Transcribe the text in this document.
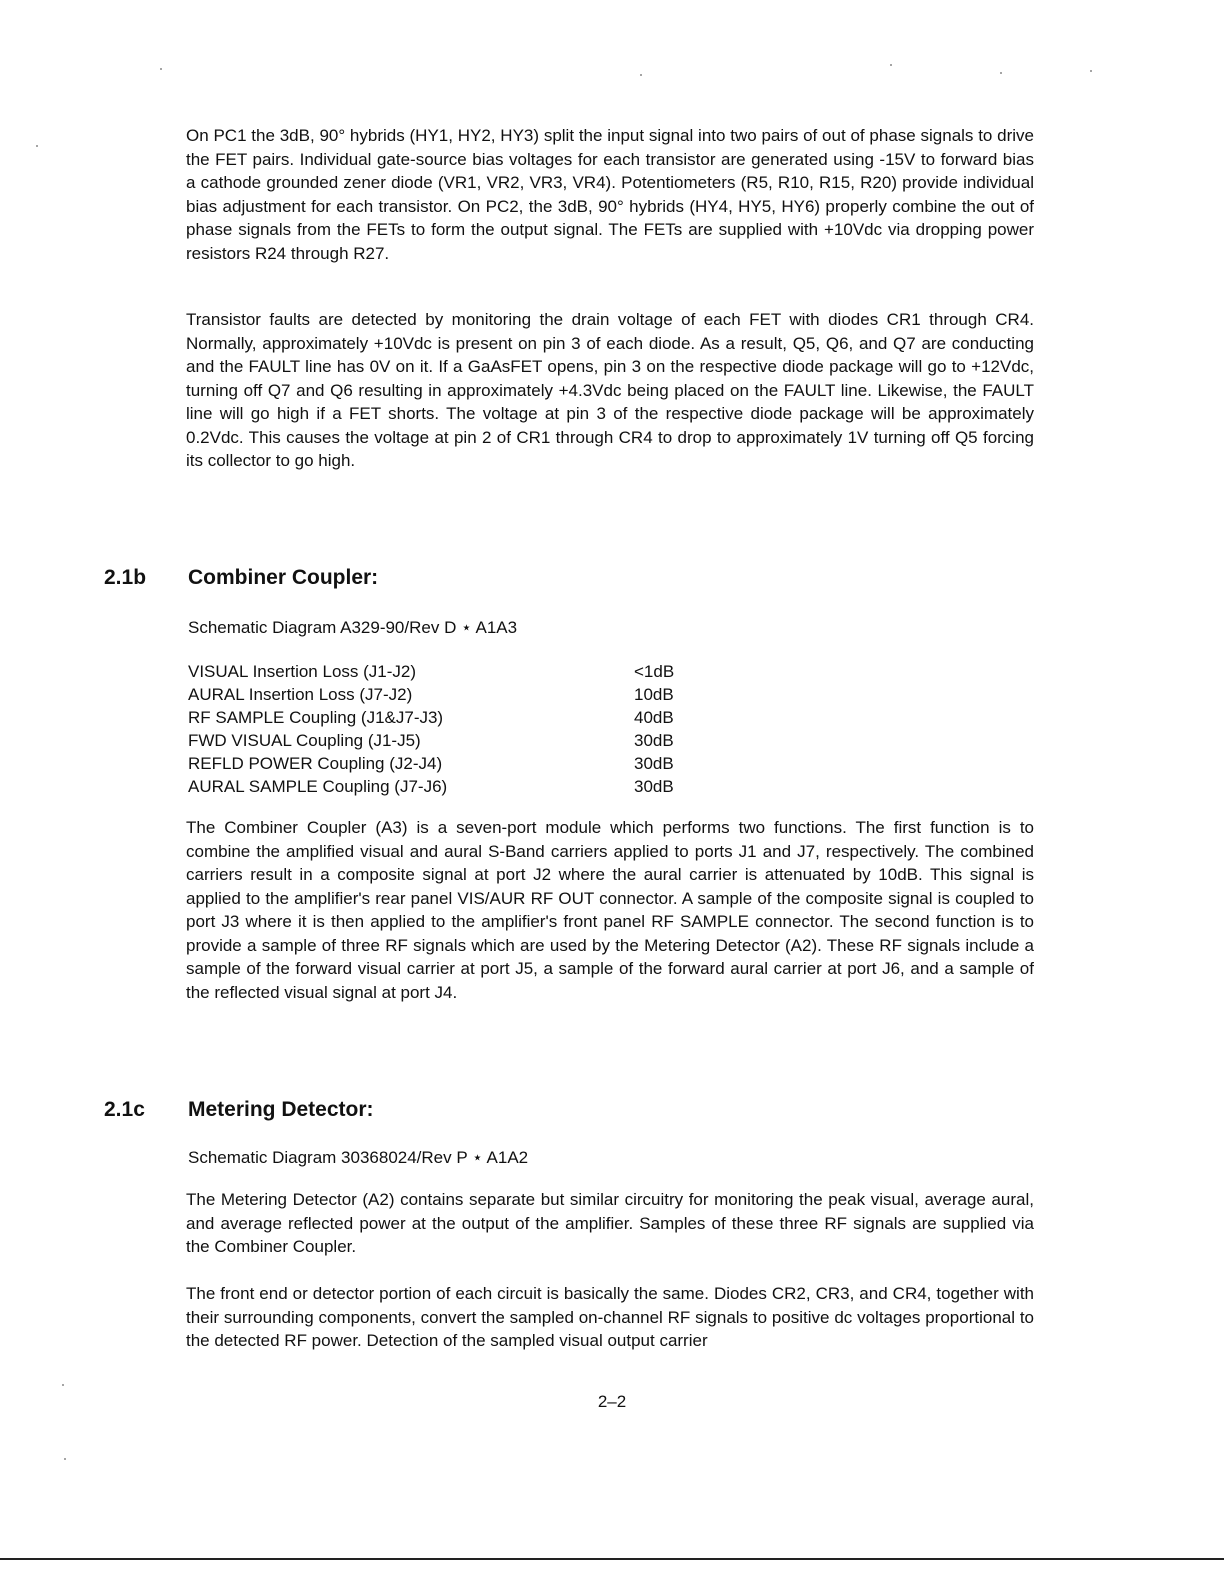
On PC1 the 3dB, 90° hybrids (HY1, HY2, HY3) split the input signal into two pairs of out of phase signals to drive the FET pairs. Individual gate-source bias voltages for each transistor are generated using -15V to forward bias a cathode grounded zener diode (VR1, VR2, VR3, VR4). Potentiometers (R5, R10, R15, R20) provide individual bias adjustment for each transistor. On PC2, the 3dB, 90° hybrids (HY4, HY5, HY6) properly combine the out of phase signals from the FETs to form the output signal. The FETs are supplied with +10Vdc via dropping power resistors R24 through R27.

Transistor faults are detected by monitoring the drain voltage of each FET with diodes CR1 through CR4. Normally, approximately +10Vdc is present on pin 3 of each diode. As a result, Q5, Q6, and Q7 are conducting and the FAULT line has 0V on it. If a GaAsFET opens, pin 3 on the respective diode package will go to +12Vdc, turning off Q7 and Q6 resulting in approximately +4.3Vdc being placed on the FAULT line. Likewise, the FAULT line will go high if a FET shorts. The voltage at pin 3 of the respective diode package will be approximately 0.2Vdc. This causes the voltage at pin 2 of CR1 through CR4 to drop to approximately 1V turning off Q5 forcing its collector to go high.

2.1b Combiner Coupler:

Schematic Diagram A329-90/Rev D ⋆ A1A3

VISUAL Insertion Loss (J1-J2)	<1dB
AURAL Insertion Loss (J7-J2)	10dB
RF SAMPLE Coupling (J1&J7-J3)	40dB
FWD VISUAL Coupling (J1-J5)	30dB
REFLD POWER Coupling (J2-J4)	30dB
AURAL SAMPLE Coupling (J7-J6)	30dB

The Combiner Coupler (A3) is a seven-port module which performs two functions. The first function is to combine the amplified visual and aural S-Band carriers applied to ports J1 and J7, respectively. The combined carriers result in a composite signal at port J2 where the aural carrier is attenuated by 10dB. This signal is applied to the amplifier's rear panel VIS/AUR RF OUT connector. A sample of the composite signal is coupled to port J3 where it is then applied to the amplifier's front panel RF SAMPLE connector. The second function is to provide a sample of three RF signals which are used by the Metering Detector (A2). These RF signals include a sample of the forward visual carrier at port J5, a sample of the forward aural carrier at port J6, and a sample of the reflected visual signal at port J4.

2.1c Metering Detector:

Schematic Diagram 30368024/Rev P ⋆ A1A2

The Metering Detector (A2) contains separate but similar circuitry for monitoring the peak visual, average aural, and average reflected power at the output of the amplifier. Samples of these three RF signals are supplied via the Combiner Coupler.

The front end or detector portion of each circuit is basically the same. Diodes CR2, CR3, and CR4, together with their surrounding components, convert the sampled on-channel RF signals to positive dc voltages proportional to the detected RF power. Detection of the sampled visual output carrier

2–2
